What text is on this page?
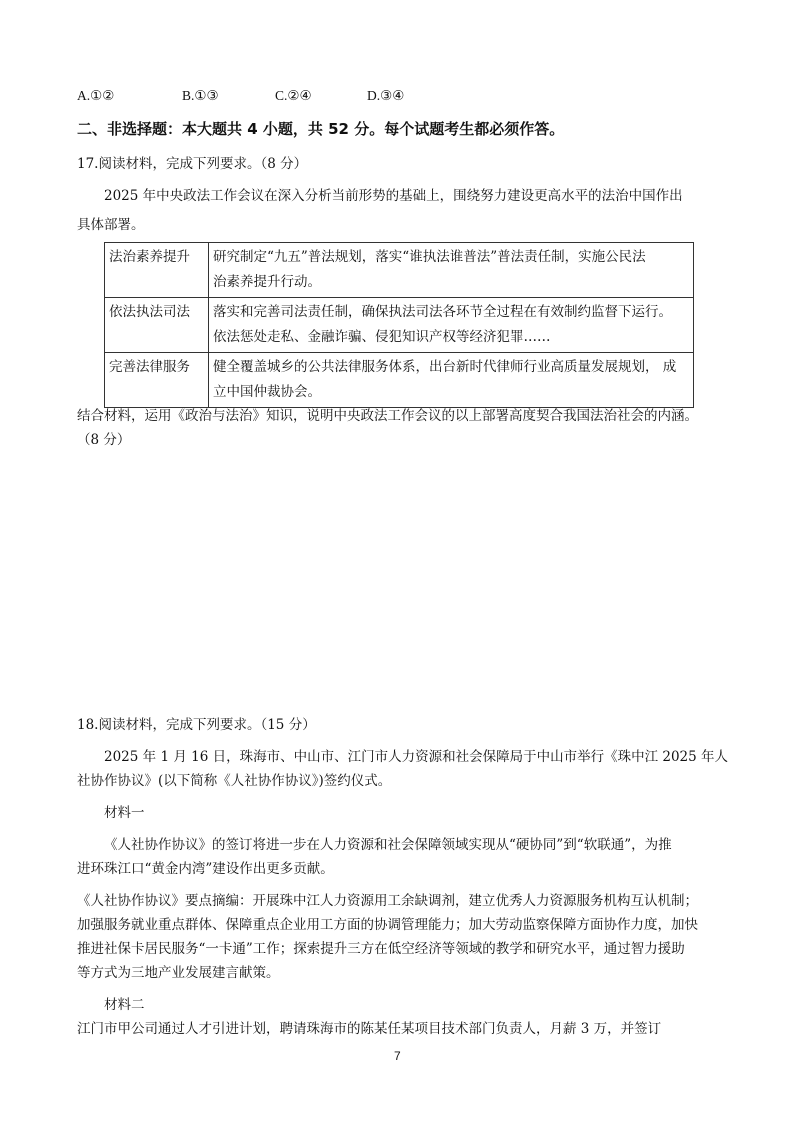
A.①②	B.①③	C.②④	D.③④
二、非选择题：本大题共 4 小题，共 52 分。每个试题考生都必须作答。
17.阅读材料，完成下列要求。（8 分）
2025 年中央政法工作会议在深入分析当前形势的基础上，围绕努力建设更高水平的法治中国作出
具体部署。
法治素养提升	研究制定“九五”普法规划，落实“谁执法谁普法”普法责任制，实施公民法
治素养提升行动。

依法执法司法	落实和完善司法责任制，确保执法司法各环节全过程在有效制约监督下运行。
依法惩处走私、金融诈骗、侵犯知识产权等经济犯罪……

完善法律服务	健全覆盖城乡的公共法律服务体系，出台新时代律师行业高质量发展规划， 成
立中国仲裁协会。
结合材料，运用《政治与法治》知识，说明中央政法工作会议的以上部署高度契合我国法治社会的内涵。
（8 分）
18.阅读材料，完成下列要求。（15 分）
2025 年 1 月 16 日，珠海市、中山市、江门市人力资源和社会保障局于中山市举行《珠中江 2025 年人
社协作协议》(以下简称《人社协作协议》)签约仪式。
材料一
《人社协作协议》的签订将进一步在人力资源和社会保障领域实现从“硬协同”到“软联通”，为推
进环珠江口“黄金内湾”建设作出更多贡献。
《人社协作协议》要点摘编：开展珠中江人力资源用工余缺调剂，建立优秀人力资源服务机构互认机制；
加强服务就业重点群体、保障重点企业用工方面的协调管理能力；加大劳动监察保障方面协作力度，加快
推进社保卡居民服务“一卡通”工作；探索提升三方在低空经济等领域的教学和研究水平，通过智力援助
等方式为三地产业发展建言献策。
材料二
江门市甲公司通过人才引进计划，聘请珠海市的陈某任某项目技术部门负责人，月薪 3 万，并签订
7
